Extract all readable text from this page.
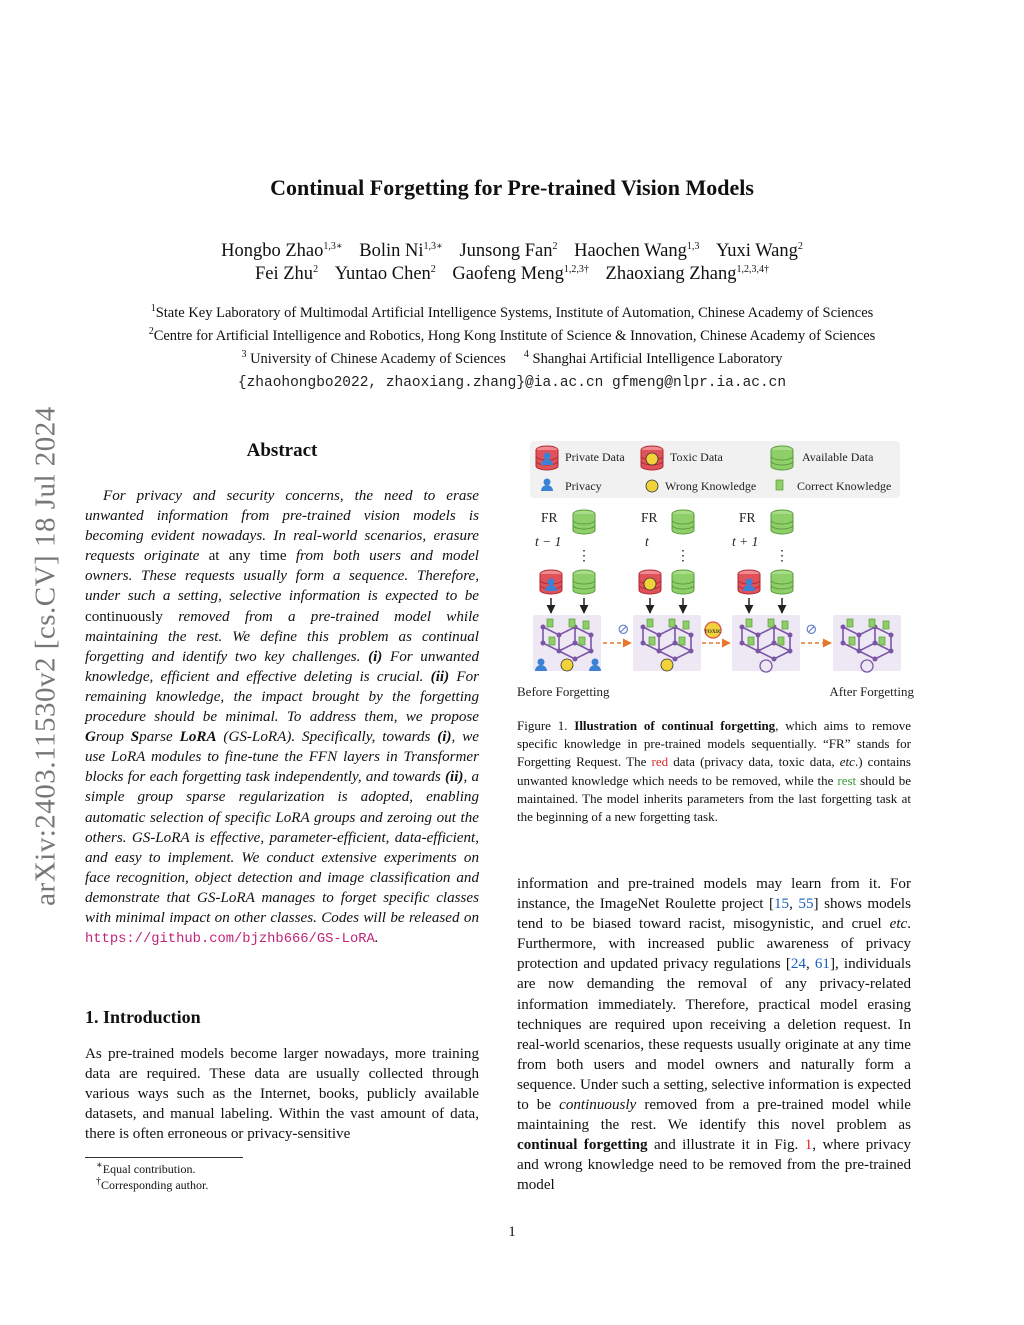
arXiv:2403.11530v2 [cs.CV] 18 Jul 2024
Continual Forgetting for Pre-trained Vision Models
Hongbo Zhao$^{1,3∗}$ Bolin $Ni^{1,3∗}$ Junsong Fan$^2$ Haochen Wang$^{1,3}$ Yuxi Wang$^2$
Fei Zhu$^2$ Yuntao Chen$^2$ Gaofeng Meng$^{1,2,3\dagger}$ Zhaoxiang Zhang$^{1,2,3,4\dagger}$
$^1$State Key Laboratory of Multimodal Artificial Intelligence Systems, Institute of Automation, Chinese Academy of Sciences
$^2$Centre for Artificial Intelligence and Robotics, Hong Kong Institute of Science & Innovation, Chinese Academy of Sciences
$^3$ University of Chinese Academy of Sciences $^4$ Shanghai Artificial Intelligence Laboratory
{zhaohongbo2022, zhaoxiang.zhang}@ia.ac.cn gfmeng@nlpr.ia.ac.cn
Abstract
For privacy and security concerns, the need to erase unwanted information from pre-trained vision models is becoming evident nowadays. In real-world scenarios, erasure requests originate at any time from both users and model owners. These requests usually form a sequence. Therefore, under such a setting, selective information is expected to be continuously removed from a pre-trained model while maintaining the rest. We define this problem as continual forgetting and identify two key challenges. (i) For unwanted knowledge, efficient and effective deleting is crucial. (ii) For remaining knowledge, the impact brought by the forgetting procedure should be minimal. To address them, we propose Group Sparse LoRA (GS-LoRA). Specifically, towards (i), we use LoRA modules to fine-tune the FFN layers in Transformer blocks for each forgetting task independently, and towards (ii), a simple group sparse regularization is adopted, enabling automatic selection of specific LoRA groups and zeroing out the others. GS-LoRA is effective, parameter-efficient, data-efficient, and easy to implement. We conduct extensive experiments on face recognition, object detection and image classification and demonstrate that GS-LoRA manages to forget specific classes with minimal impact on other classes. Codes will be released on https://github.com/bjzhb666/GS-LoRA.
1. Introduction
As pre-trained models become larger nowadays, more training data are required. These data are usually collected through various ways such as the Internet, books, publicly available datasets, and manual labeling. Within the vast amount of data, there is often erroneous or privacy-sensitive
∗Equal contribution.
†Corresponding author.
Private Data	Toxic Data	Available Data
Privacy	Wrong Knowledge	Correct Knowledge
FR
t − 1
⋮
FR
t
⋮
⊘
FR
t + 1
⋮
TOXIC	⊘
Before Forgetting	After Forgetting
Figure 1. Illustration of continual forgetting, which aims to remove specific knowledge in pre-trained models sequentially. “FR” stands for Forgetting Request. The red data (privacy data, toxic data, etc.) contains unwanted knowledge which needs to be removed, while the rest should be maintained. The model inherits parameters from the last forgetting task at the beginning of a new forgetting task.
information and pre-trained models may learn from it. For instance, the ImageNet Roulette project [15, 55] shows models tend to be biased toward racist, misogynistic, and cruel etc. Furthermore, with increased public awareness of privacy protection and updated privacy regulations [24, 61], individuals are now demanding the removal of any privacy-related information immediately. Therefore, practical model erasing techniques are required upon receiving a deletion request. In real-world scenarios, these requests usually originate at any time from both users and model owners and naturally form a sequence. Under such a setting, selective information is expected to be continuously removed from a pre-trained model while maintaining the rest. We identify this novel problem as continual forgetting and illustrate it in Fig. 1, where privacy and wrong knowledge need to be removed from the pre-trained model
1
